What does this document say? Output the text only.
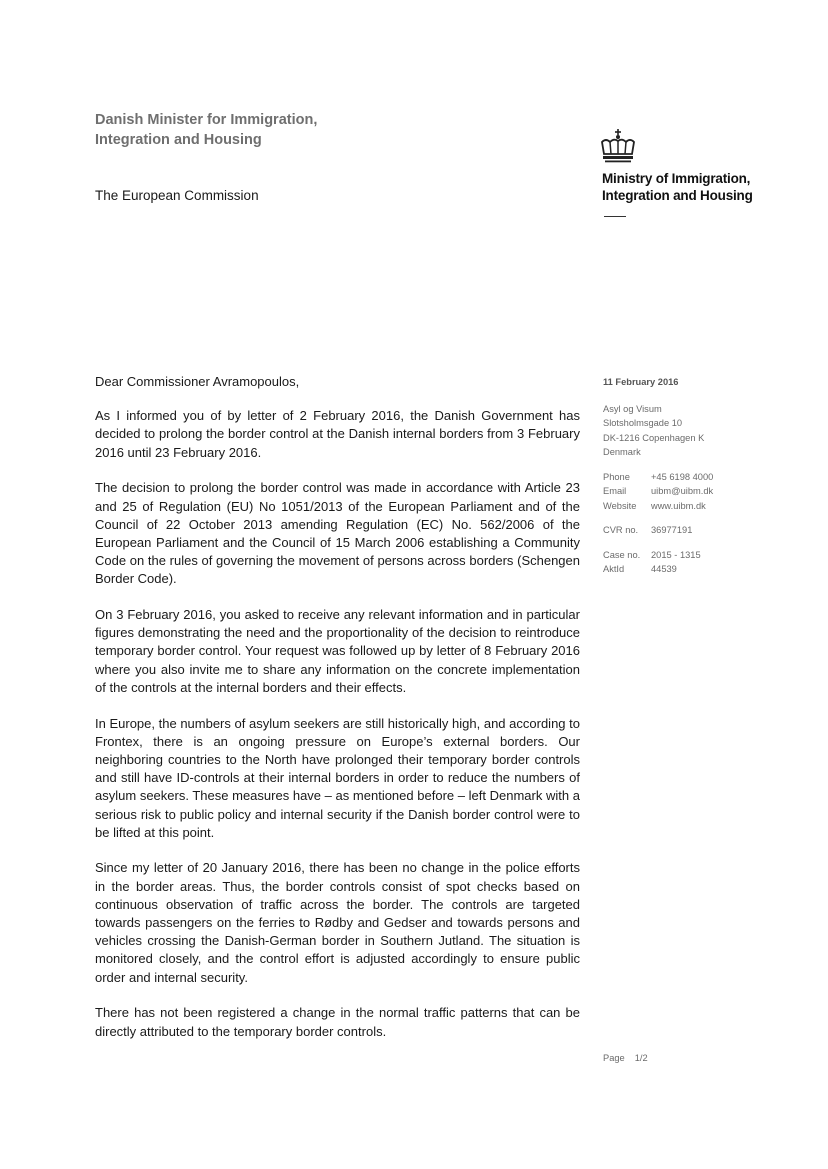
Danish Minister for Immigration,
Integration and Housing
The European Commission
Ministry of Immigration,
Integration and Housing

Dear Commissioner Avramopoulos,

As I informed you of by letter of 2 February 2016, the Danish Government has decided to prolong the border control at the Danish internal borders from 3 February 2016 until 23 February 2016.

The decision to prolong the border control was made in accordance with Article 23 and 25 of Regulation (EU) No 1051/2013 of the European Parliament and of the Council of 22 October 2013 amending Regulation (EC) No. 562/2006 of the European Parliament and the Council of 15 March 2006 establishing a Community Code on the rules of governing the movement of persons across borders (Schengen Border Code).

On 3 February 2016, you asked to receive any relevant information and in particular figures demonstrating the need and the proportionality of the decision to reintroduce temporary border control. Your request was followed up by letter of 8 February 2016 where you also invite me to share any information on the concrete implementation of the controls at the internal borders and their effects.

In Europe, the numbers of asylum seekers are still historically high, and according to Frontex, there is an ongoing pressure on Europe’s external borders. Our neighboring countries to the North have prolonged their temporary border controls and still have ID-controls at their internal borders in order to reduce the numbers of asylum seekers. These measures have – as mentioned before – left Denmark with a serious risk to public policy and internal security if the Danish border control were to be lifted at this point.

Since my letter of 20 January 2016, there has been no change in the police efforts in the border areas. Thus, the border controls consist of spot checks based on continuous observation of traffic across the border. The controls are targeted towards passengers on the ferries to Rødby and Gedser and towards persons and vehicles crossing the Danish-German border in Southern Jutland. The situation is monitored closely, and the control effort is adjusted accordingly to ensure public order and internal security.

There has not been registered a change in the normal traffic patterns that can be directly attributed to the temporary border controls.

11 February 2016
Asyl og Visum
Slotsholmsgade 10
DK-1216 Copenhagen K
Denmark
Phone	+45 6198 4000
Email	uibm@uibm.dk
Website	www.uibm.dk
CVR no.	36977191
Case no.	2015 - 1315
AktId	44539
Page 1/2
